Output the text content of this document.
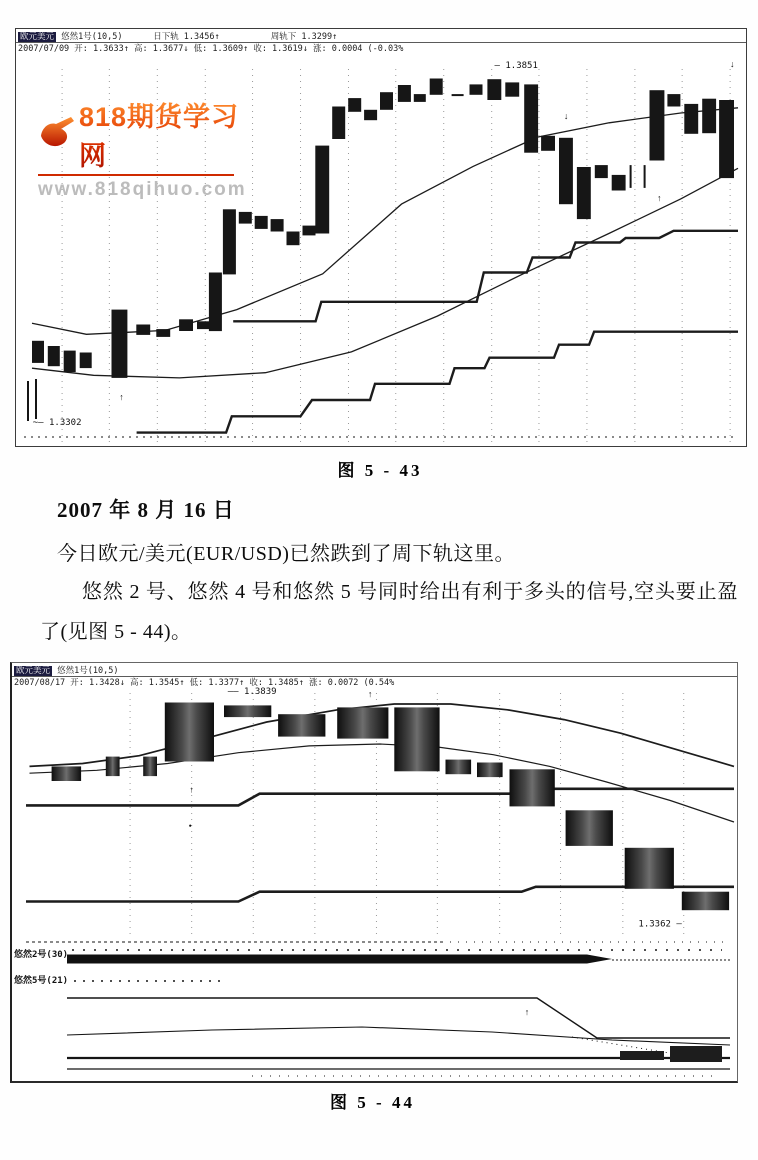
欧元美元 悠然1号(10,5)	日下轨 1.3456↑          周轨下 1.3299↑
2007/07/09 开: 1.3633↑ 高: 1.3677↓ 低: 1.3609↑ 收: 1.3619↓ 涨: 0.0004 (-0.03%
— 1.3851
~— 1.3302
↑
↓
↑
↓
818期货学习网
www.818qihuo.com
图 5 - 43
2007 年 8 月 16 日
今日欧元/美元(EUR/USD)已然跌到了周下轨这里。

悠然 2 号、悠然 4 号和悠然 5 号同时给出有利于多头的信号,空头要止盈了(见图 5 - 44)。

欧元美元 悠然1号(10,5)
2007/08/17 开: 1.3428↓ 高: 1.3545↑ 低: 1.3377↑ 收: 1.3485↑ 涨: 0.0072 (0.54%
—— 1.3839
1.3362 —
↑
•
↑
↑
悠然2号(30)
悠然5号(21)
图 5 - 44
